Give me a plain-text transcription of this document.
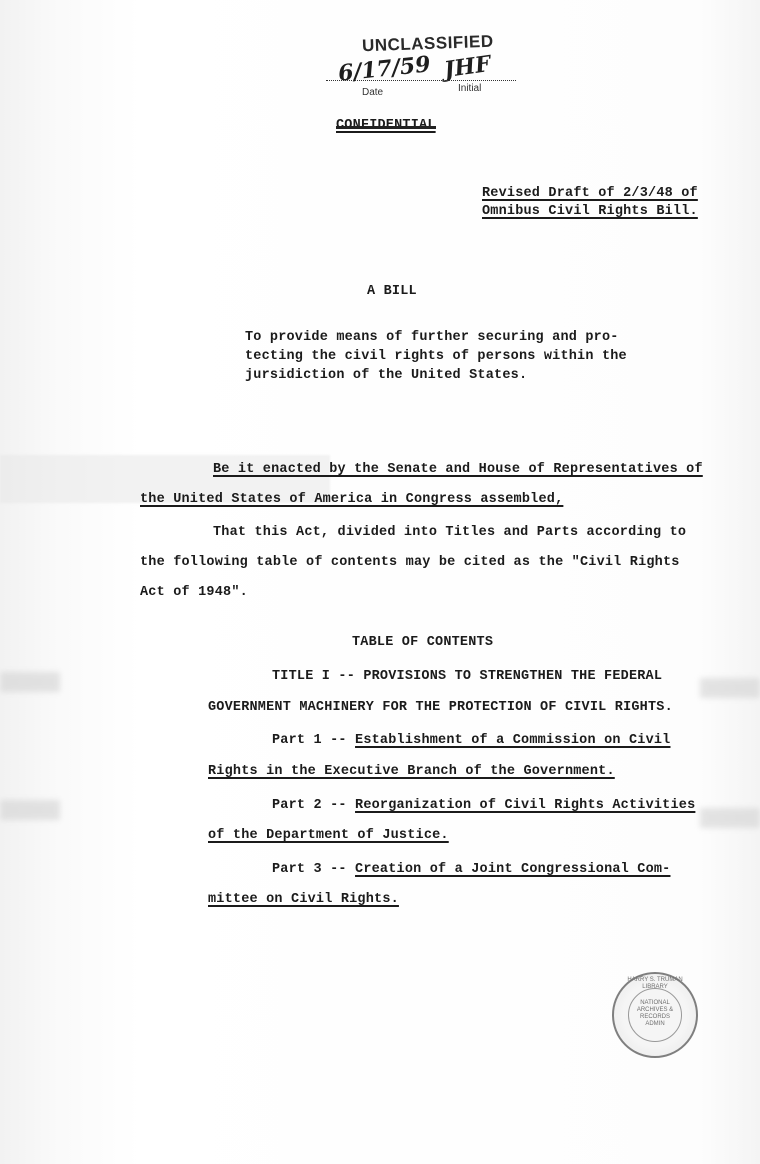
UNCLASSIFIED
6/17/59 JHF
Date	Initial
Revised Draft of 2/3/48 of
Omnibus Civil Rights Bill.
A BILL
To provide means of further securing and pro-
tecting the civil rights of persons within the
jursidiction of the United States.
Be it enacted by the Senate and House of Representatives of
the United States of America in Congress assembled,
That this Act, divided into Titles and Parts according to
the following table of contents may be cited as the "Civil Rights
Act of 1948".
TABLE OF CONTENTS
TITLE I -- PROVISIONS TO STRENGTHEN THE FEDERAL
GOVERNMENT MACHINERY FOR THE PROTECTION OF CIVIL RIGHTS.
Part 1 -- Establishment of a Commission on Civil
Rights in the Executive Branch of the Government.
Part 2 -- Reorganization of Civil Rights Activities
of the Department of Justice.
Part 3 -- Creation of a Joint Congressional Com-
mittee on Civil Rights.
HARRY S. TRUMAN LIBRARY
NATIONAL ARCHIVES & RECORDS ADMIN
